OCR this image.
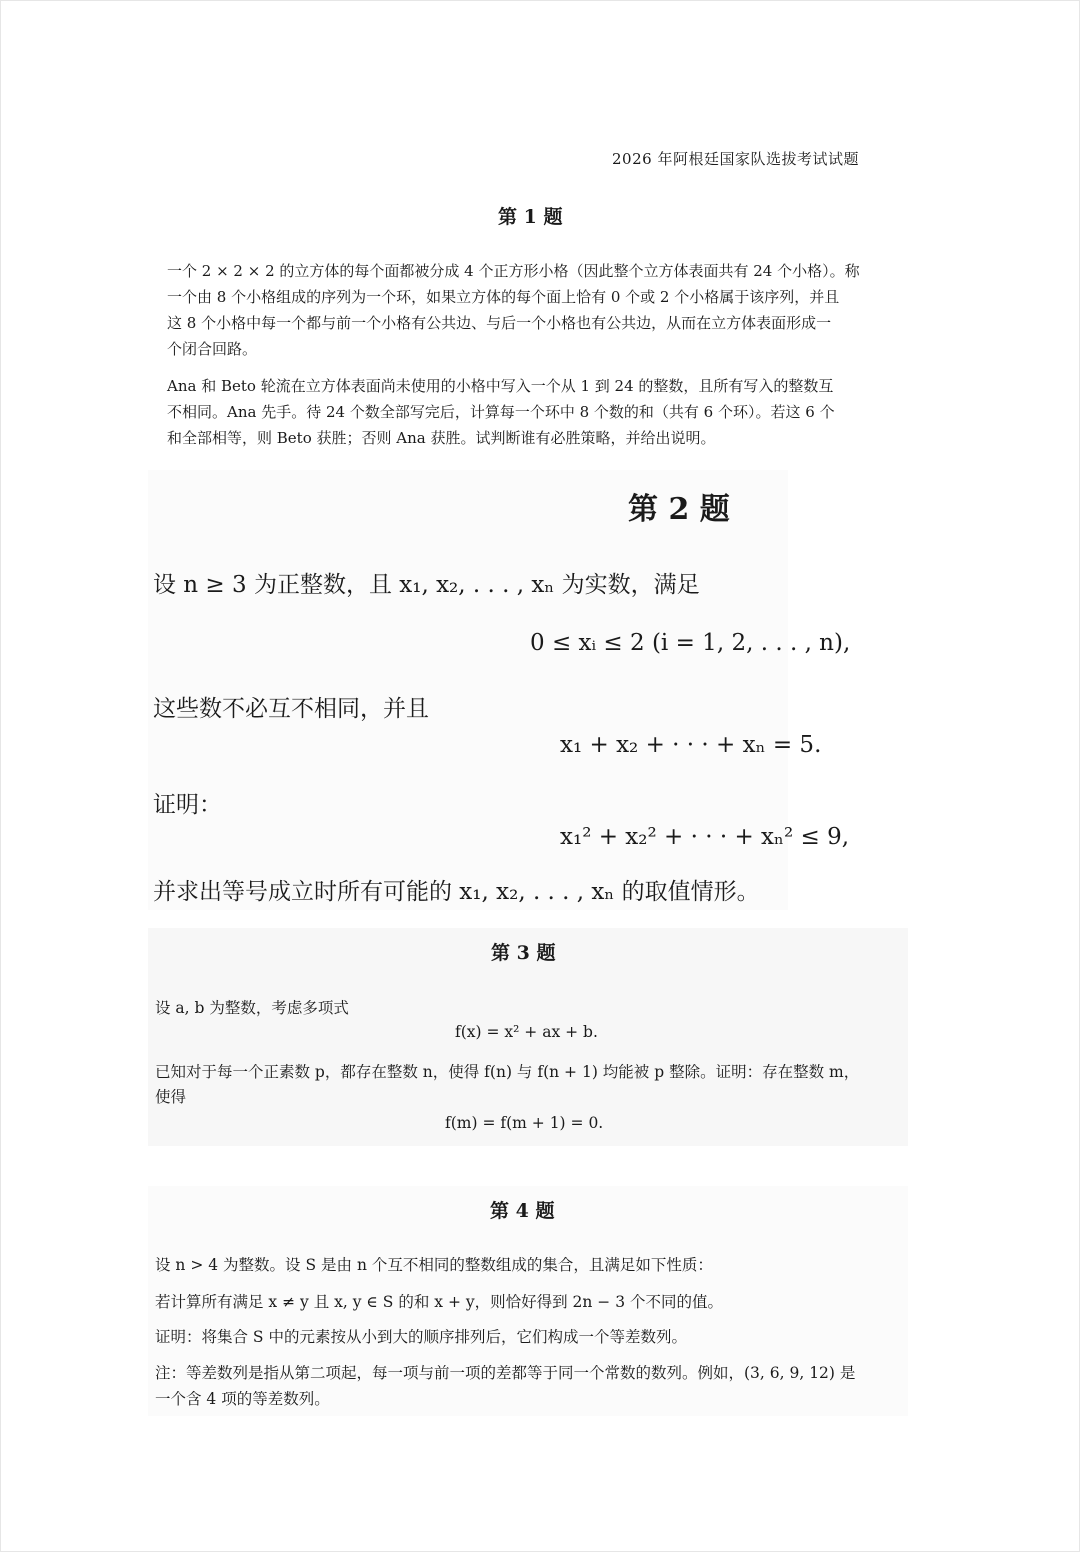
2026 年阿根廷国家队选拔考试试题
第 1 题
一个 2 × 2 × 2 的立方体的每个面都被分成 4 个正方形小格（因此整个立方体表面共有 24 个小格）。称
一个由 8 个小格组成的序列为一个环，如果立方体的每个面上恰有 0 个或 2 个小格属于该序列，并且
这 8 个小格中每一个都与前一个小格有公共边、与后一个小格也有公共边，从而在立方体表面形成一
个闭合回路。
Ana 和 Beto 轮流在立方体表面尚未使用的小格中写入一个从 1 到 24 的整数，且所有写入的整数互
不相同。Ana 先手。待 24 个数全部写完后，计算每一个环中 8 个数的和（共有 6 个环）。若这 6 个
和全部相等，则 Beto 获胜；否则 Ana 获胜。试判断谁有必胜策略，并给出说明。
第 2 题
设 n ≥ 3 为正整数，且 x₁, x₂, . . . , xₙ 为实数，满足
0 ≤ xᵢ ≤ 2 (i = 1, 2, . . . , n),
这些数不必互不相同，并且
x₁ + x₂ + · · · + xₙ = 5.
证明：
x₁² + x₂² + · · · + xₙ² ≤ 9,
并求出等号成立时所有可能的 x₁, x₂, . . . , xₙ 的取值情形。
第 3 题
设 a, b 为整数，考虑多项式
f(x) = x² + ax + b.
已知对于每一个正素数 p，都存在整数 n，使得 f(n) 与 f(n + 1) 均能被 p 整除。证明：存在整数 m，
使得
f(m) = f(m + 1) = 0.
第 4 题
设 n > 4 为整数。设 S 是由 n 个互不相同的整数组成的集合，且满足如下性质：
若计算所有满足 x ≠ y 且 x, y ∈ S 的和 x + y，则恰好得到 2n − 3 个不同的值。
证明：将集合 S 中的元素按从小到大的顺序排列后，它们构成一个等差数列。
注：等差数列是指从第二项起，每一项与前一项的差都等于同一个常数的数列。例如，(3, 6, 9, 12) 是
一个含 4 项的等差数列。
